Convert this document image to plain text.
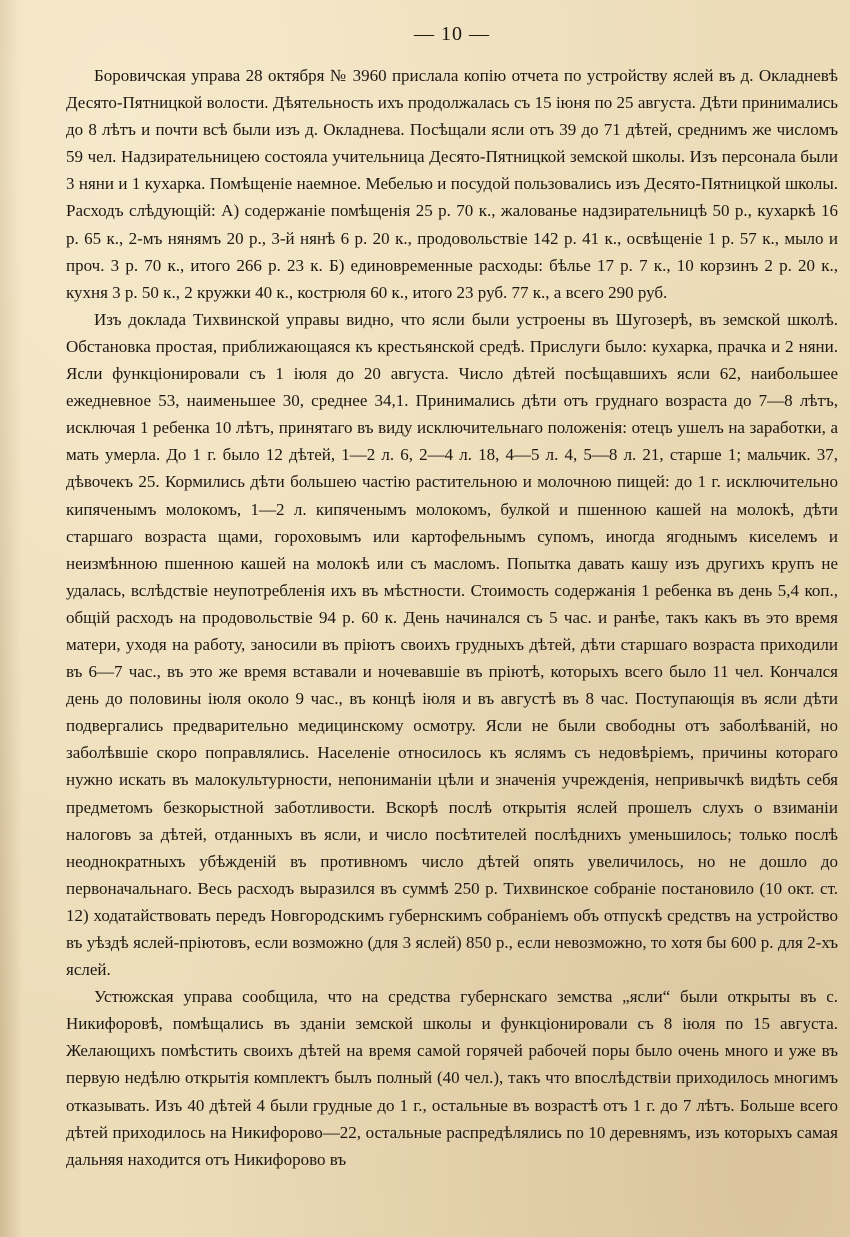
— 10 —

Боровичская управа 28 октября № 3960 прислала копію отчета по устройству яслей въ д. Окладневѣ Десято-Пятницкой волости. Дѣятельность ихъ продолжалась съ 15 іюня по 25 августа. Дѣти принимались до 8 лѣтъ и почти всѣ были изъ д. Окладнева. Посѣщали ясли отъ 39 до 71 дѣтей, среднимъ же числомъ 59 чел. Надзирательницею состояла учительница Десято-Пятницкой земской школы. Изъ персонала были 3 няни и 1 кухарка. Помѣщеніе наемное. Мебелью и посудой пользовались изъ Десято-Пятницкой школы. Расходъ слѣдующій: А) содержаніе помѣщенія 25 р. 70 к., жалованье надзирательницѣ 50 р., кухаркѣ 16 р. 65 к., 2-мъ нянямъ 20 р., 3-й нянѣ 6 р. 20 к., продовольствіе 142 р. 41 к., освѣщеніе 1 р. 57 к., мыло и проч. 3 р. 70 к., итого 266 р. 23 к. Б) единовременные расходы: бѣлье 17 р. 7 к., 10 корзинъ 2 р. 20 к., кухня 3 р. 50 к., 2 кружки 40 к., кострюля 60 к., итого 23 руб. 77 к., а всего 290 руб.

Изъ доклада Тихвинской управы видно, что ясли были устроены въ Шугозерѣ, въ земской школѣ. Обстановка простая, приближающаяся къ крестьянской средѣ. Прислуги было: кухарка, прачка и 2 няни. Ясли функціонировали съ 1 іюля до 20 августа. Число дѣтей посѣщавшихъ ясли 62, наибольшее ежедневное 53, наименьшее 30, среднее 34,1. Принимались дѣти отъ груднаго возраста до 7—8 лѣтъ, исключая 1 ребенка 10 лѣтъ, принятаго въ виду исключительнаго положенія: отецъ ушелъ на заработки, а мать умерла. До 1 г. было 12 дѣтей, 1—2 л. 6, 2—4 л. 18, 4—5 л. 4, 5—8 л. 21, старше 1; мальчик. 37, дѣвочекъ 25. Кормились дѣти большею частію растительною и молочною пищей: до 1 г. исключительно кипяченымъ молокомъ, 1—2 л. кипяченымъ молокомъ, булкой и пшенною кашей на молокѣ, дѣти старшаго возраста щами, гороховымъ или картофельнымъ супомъ, иногда ягоднымъ киселемъ и неизмѣнною пшенною кашей на молокѣ или съ масломъ. Попытка давать кашу изъ другихъ крупъ не удалась, вслѣдствіе неупотребленія ихъ въ мѣстности. Стоимость содержанія 1 ребенка въ день 5,4 коп., общій расходъ на продовольствіе 94 р. 60 к. День начинался съ 5 час. и ранѣе, такъ какъ въ это время матери, уходя на работу, заносили въ пріютъ своихъ грудныхъ дѣтей, дѣти старшаго возраста приходили въ 6—7 час., въ это же время вставали и ночевавшіе въ пріютѣ, которыхъ всего было 11 чел. Кончался день до половины іюля около 9 час., въ концѣ іюля и въ августѣ въ 8 час. Поступающія въ ясли дѣти подвергались предварительно медицинскому осмотру. Ясли не были свободны отъ заболѣваній, но заболѣвшіе скоро поправлялись. Населеніе относилось къ яслямъ съ недовѣріемъ, причины котораго нужно искать въ малокультурности, непониманіи цѣли и значенія учрежденія, непривычкѣ видѣть себя предметомъ безкорыстной заботливости. Вскорѣ послѣ открытія яслей прошелъ слухъ о взиманіи налоговъ за дѣтей, отданныхъ въ ясли, и число посѣтителей послѣднихъ уменьшилось; только послѣ неоднократныхъ убѣжденій въ противномъ число дѣтей опять увеличилось, но не дошло до первоначальнаго. Весь расходъ выразился въ суммѣ 250 р. Тихвинское собраніе постановило (10 окт. ст. 12) ходатайствовать передъ Новгородскимъ губернскимъ собраніемъ объ отпускѣ средствъ на устройство въ уѣздѣ яслей-пріютовъ, если возможно (для 3 яслей) 850 р., если невозможно, то хотя бы 600 р. для 2-хъ яслей.

Устюжская управа сообщила, что на средства губернскаго земства „ясли“ были открыты въ с. Никифоровѣ, помѣщались въ зданіи земской школы и функціонировали съ 8 іюля по 15 августа. Желающихъ помѣстить своихъ дѣтей на время самой горячей рабочей поры было очень много и уже въ первую недѣлю открытія комплектъ былъ полный (40 чел.), такъ что впослѣдствіи приходилось многимъ отказывать. Изъ 40 дѣтей 4 были грудные до 1 г., остальные въ возрастѣ отъ 1 г. до 7 лѣтъ. Больше всего дѣтей приходилось на Никифорово—22, остальные распредѣлялись по 10 деревнямъ, изъ которыхъ самая дальняя находится отъ Никифорово въ
